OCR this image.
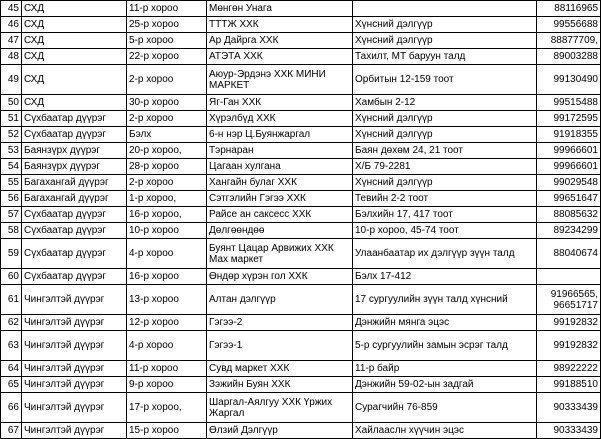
45	СХД	11-р хороо	Мөнгөн Унага		88116965
46	СХД	25-р хороо	ТТТЖ ХХК	Хүнсний дэлгүүр	99556688
47	СХД	5-р хороо	Ар Дайрга ХХК	Хүнсний дэлгүүр	88877709,
48	СХД	22-р хороо	АТЭТА ХХК	Тахилт, МТ баруун талд	89003288
49	СХД	2-р хороо	Аюур-Эрдэнэ ХХК МИНИ МАРКЕТ	Орбитын 12-159 тоот	99130490
50	СХД	30-р хороо	Яг-Ган ХХК	Хамбын 2-12	99515488
51	Сүхбаатар дүүрэг	2-р хороо	Хүрэлбүд ХХК	Хүнсний дэлгүүр	99172595
52	Сүхбаатар дүүрэг	Бэлх	6-н нэр Ц.Буянжаргал	Хүнсний дэлгүүр	91918355
53	Баянзүрх дүүрэг	20-р хороо,	Тэрнаран	Баян дөхөм 24, 21 тоот	99966601
54	Баянзүрх дүүрэг	28-р хороо	Цагаан хулгана	Х/Б 79-2281	99966601
55	Багахангай дүүрэг	2-р хороо	Хангайн булаг ХХК	Хүнсний дэлгүүр	99029548
56	Багахангай дүүрэг	1-р хороо,	Сэтгэлийн Гэгээ ХХК	Тевийн 2-2 тоот	99651647
57	Сүхбаатар дүүрэг	16-р хороо,	Райсе ан саксесс ХХК	Бэлхийн 17, 417 тоот	88085632
58	Сүхбаатар дүүрэг	10-р хороо	Дөлгөөндөө	10-р хороо, 45-74 тоот	89234299
59	Сүхбаатар дүүрэг	4-р хороо	Буянт Цацар Арвижих ХХК Мах маркет	Улаанбаатар их дэлгүүр зүүн талд	88040674
60	Сүхбаатар дүүрэг	16-р хороо	Өндөр хүрэн гол ХХК	Бэлх 17-412	
61	Чингэлтэй дүүрэг	13-р хороо	Алтан дэлгүүр	17 сургуулийн зүүн талд хүнсний	91966565, 96651717
62	Чингэлтэй дүүрэг	12-р хороо	Гэгээ-2	Дэнжийн мянга эцэс	99192832
63	Чингэлтэй дүүрэг	4-р хороо	Гэгээ-1	5-р сургуулийн замын эсрэг талд	99192832
64	Чингэлтэй дүүрэг	11-р хороо	Сувд маркет ХХК	11-р байр	98922222
65	Чингэлтэй дүүрэг	9-р хороо	Зэжийн Буян ХХК	Дэнжийн 59-02-ын задгай	99188510
66	Чингэлтэй дүүрэг	17-р хороо,	Шаргал-Аялгуу ХХК Үржих Жаргал	Сурагчийн 76-859	90333439
67	Чингэлтэй дүүрэг	15-р хороо	Өлзий Дэлгүүр	Хайлааслн хүүчин эцэс	90333439
